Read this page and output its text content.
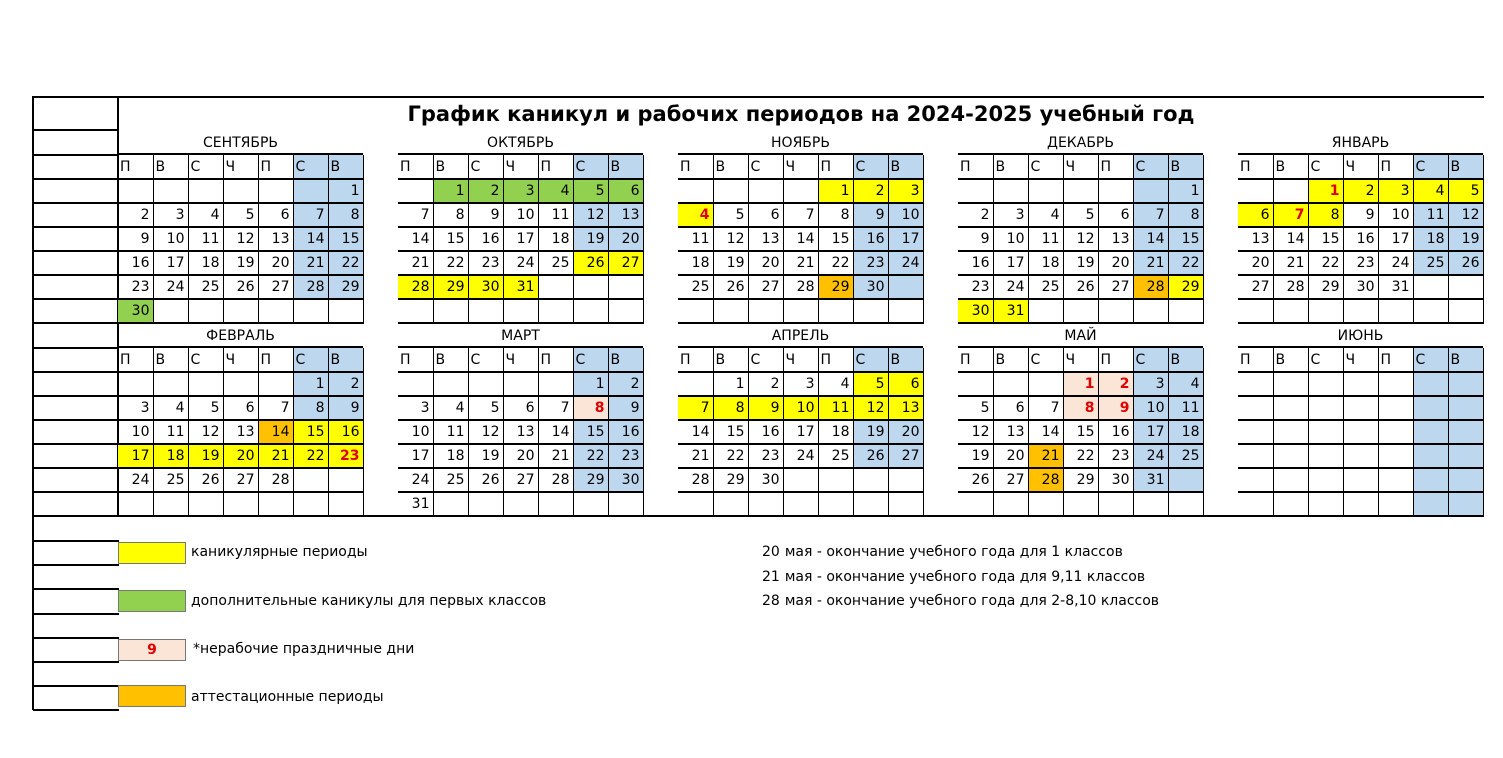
График каникул и рабочих периодов на 2024-2025 учебный год
СЕНТЯБРЬ
П	В	С	Ч	П	С	В
						1
2	3	4	5	6	7	8
9	10	11	12	13	14	15
16	17	18	19	20	21	22
23	24	25	26	27	28	29
30						
ОКТЯБРЬ
П	В	С	Ч	П	С	В
	1	2	3	4	5	6
7	8	9	10	11	12	13
14	15	16	17	18	19	20
21	22	23	24	25	26	27
28	29	30	31			

НОЯБРЬ
П	В	С	Ч	П	С	В
				1	2	3
4	5	6	7	8	9	10
11	12	13	14	15	16	17
18	19	20	21	22	23	24
25	26	27	28	29	30	

ДЕКАБРЬ
П	В	С	Ч	П	С	В
						1
2	3	4	5	6	7	8
9	10	11	12	13	14	15
16	17	18	19	20	21	22
23	24	25	26	27	28	29
30	31					
ЯНВАРЬ
П	В	С	Ч	П	С	В
		1	2	3	4	5
6	7	8	9	10	11	12
13	14	15	16	17	18	19
20	21	22	23	24	25	26
27	28	29	30	31		

ФЕВРАЛЬ
П	В	С	Ч	П	С	В
					1	2
3	4	5	6	7	8	9
10	11	12	13	14	15	16
17	18	19	20	21	22	23
24	25	26	27	28		

МАРТ
П	В	С	Ч	П	С	В
					1	2
3	4	5	6	7	8	9
10	11	12	13	14	15	16
17	18	19	20	21	22	23
24	25	26	27	28	29	30
31						
АПРЕЛЬ
П	В	С	Ч	П	С	В
	1	2	3	4	5	6
7	8	9	10	11	12	13
14	15	16	17	18	19	20
21	22	23	24	25	26	27
28	29	30				

МАЙ
П	В	С	Ч	П	С	В
			1	2	3	4
5	6	7	8	9	10	11
12	13	14	15	16	17	18
19	20	21	22	23	24	25
26	27	28	29	30	31	

ИЮНЬ
П	В	С	Ч	П	С	В

каникулярные периоды
дополнительные каникулы для первых классов
9	*нерабочие праздничные дни
аттестационные периоды
20 мая - окончание учебного года для 1 классов
21 мая - окончание учебного года для 9,11 классов
28 мая - окончание учебного года для 2-8,10 классов
